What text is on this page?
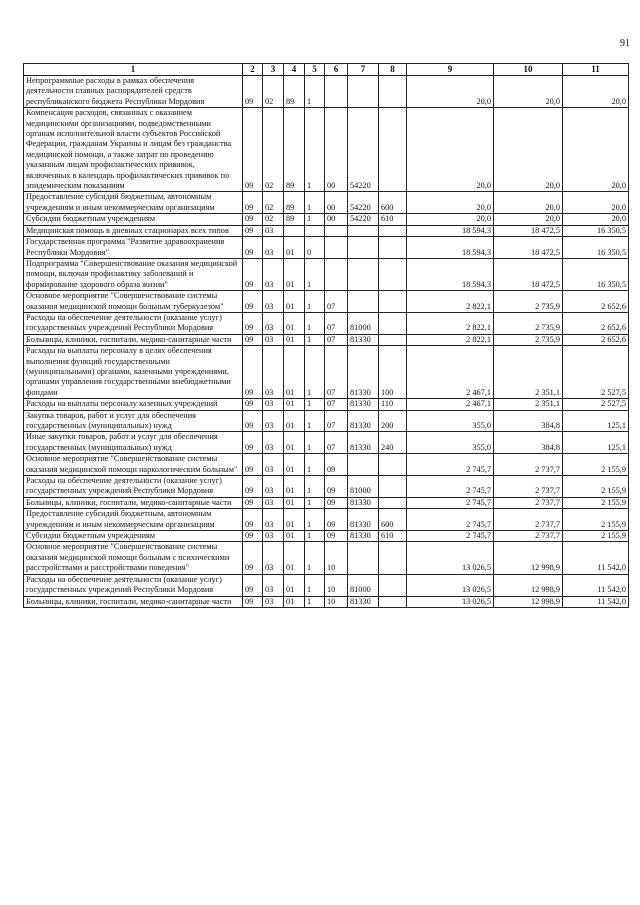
91
1	2	3	4	5	6	7	8	9	10	11
Непрограммные расходы в рамках обеспечения деятельности главных распорядителей средств республиканского бюджета Республики Мордовия	09	02	89	1				20,0	20,0	20,0
Компенсация расходов, связанных с оказанием медицинскими организациями, подведомственными органам исполнительной власти субъектов Российской Федерации, гражданам Украины и лицам без гражданства медицинской помощи, а также затрат по проведению указанным лицам профилактических прививок, включенных в календарь профилактических прививок по эпидемическим показаниям	09	02	89	1	00	54220		20,0	20,0	20,0
Предоставление субсидий бюджетным, автономным учреждениям и иным некоммерческим организациям	09	02	89	1	00	54220	600	20,0	20,0	20,0
Субсидии бюджетным учреждениям	09	02	89	1	00	54220	610	20,0	20,0	20,0
Медицинская помощь в дневных стационарах всех типов	09	03						18 594,3	18 472,5	16 350,5
Государственная программа "Развитие здравоохранения Республики Мордовия"	09	03	01	0				18 594,3	18 472,5	16 350,5
Подпрограмма "Совершенствование оказания медицинской помощи, включая профилактику заболеваний и формирование здорового образа жизни"	09	03	01	1				18 594,3	18 472,5	16 350,5
Основное мероприятие "Совершенствование системы оказания медицинской помощи больным туберкулезом"	09	03	01	1	07			2 822,1	2 735,9	2 652,6
Расходы на обеспечение деятельности (оказание услуг) государственных учреждений Республики Мордовия	09	03	01	1	07	81000		2 822,1	2 735,9	2 652,6
Больницы, клиники, госпитали, медико-санитарные части	09	03	01	1	07	81330		2 822,1	2 735,9	2 652,6
Расходы на выплаты персоналу в целях обеспечения выполнения функций государственными (муниципальными) органами, казенными учреждениями, органами управления государственными внебюджетными фондами	09	03	01	1	07	81330	100	2 467,1	2 351,1	2 527,5
Расходы на выплаты персоналу казенных учреждений	09	03	01	1	07	81330	110	2 467,1	2 351,1	2 527,5
Закупка товаров, работ и услуг для обеспечения государственных (муниципальных) нужд	09	03	01	1	07	81330	200	355,0	384,8	125,1
Иные закупки товаров, работ и услуг для обеспечения государственных (муниципальных) нужд	09	03	01	1	07	81330	240	355,0	384,8	125,1
Основное мероприятие "Совершенствование системы оказания медицинской помощи наркологическим больным"	09	03	01	1	09			2 745,7	2 737,7	2 155,9
Расходы на обеспечение деятельности (оказание услуг) государственных учреждений Республики Мордовия	09	03	01	1	09	81000		2 745,7	2 737,7	2 155,9
Больницы, клиники, госпитали, медико-санитарные части	09	03	01	1	09	81330		2 745,7	2 737,7	2 155,9
Предоставление субсидий бюджетным, автономным учреждениям и иным некоммерческим организациям	09	03	01	1	09	81330	600	2 745,7	2 737,7	2 155,9
Субсидии бюджетным учреждениям	09	03	01	1	09	81330	610	2 745,7	2 737,7	2 155,9
Основное мероприятие "Совершенствование системы оказания медицинской помощи больным с психическими расстройствами и расстройствами поведения"	09	03	01	1	10			13 026,5	12 998,9	11 542,0
Расходы на обеспечение деятельности (оказание услуг) государственных учреждений Республики Мордовия	09	03	01	1	10	81000		13 026,5	12 998,9	11 542,0
Больницы, клиники, госпитали, медико-санитарные части	09	03	01	1	10	81330		13 026,5	12 998,9	11 542,0
